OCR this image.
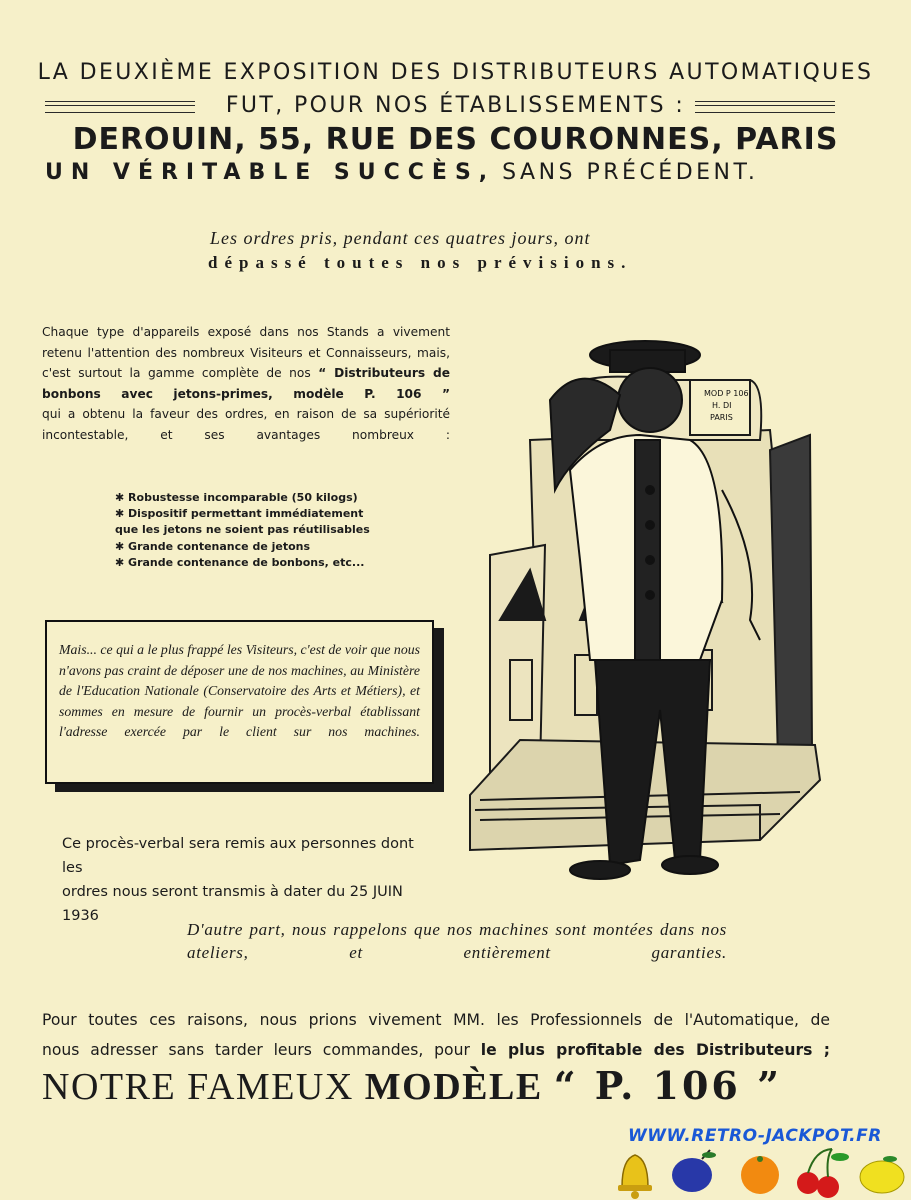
LA DEUXIÈME EXPOSITION DES DISTRIBUTEURS AUTOMATIQUES
FUT, POUR NOS ÉTABLISSEMENTS :
DEROUIN, 55, RUE DES COURONNES, PARIS
UN VÉRITABLE SUCCÈS, SANS PRÉCÉDENT.
Les ordres pris, pendant ces quatres jours, ont
dépassé toutes nos prévisions.
Chaque type d'appareils exposé dans nos Stands a vivement retenu l'attention des nombreux Visiteurs et Connaisseurs, mais, c'est surtout la gamme complète de nos “ Distributeurs de bonbons avec jetons-primes, modèle P. 106 ”
qui a obtenu la faveur des ordres, en raison de sa supériorité incontestable, et ses avantages nombreux :
✱ Robustesse incomparable (50 kilogs)
✱ Dispositif permettant immédiatement
que les jetons ne soient pas réutilisables
✱ Grande contenance de jetons
✱ Grande contenance de bonbons, etc...

Mais... ce qui a le plus frappé les Visiteurs, c'est de voir que nous n'avons pas craint de déposer une de nos machines, au Ministère de l'Education Nationale (Conservatoire des Arts et Métiers), et sommes en mesure de fournir un procès-verbal établissant l'adresse exercée par le client sur nos machines.

MOD P 106
H. DI
PARIS
Ce procès-verbal sera remis aux personnes dont les
ordres nous seront transmis à dater du 25 JUIN 1936
D'autre part, nous rappelons que nos machines sont montées dans nos ateliers, et entièrement garanties.
Pour toutes ces raisons, nous prions vivement MM. les Professionnels de l'Automatique, de
nous adresser sans tarder leurs commandes, pour le plus profitable des Distributeurs ;
NOTRE FAMEUX MODÈLE “ P. 106 ”
WWW.RETRO-JACKPOT.FR
